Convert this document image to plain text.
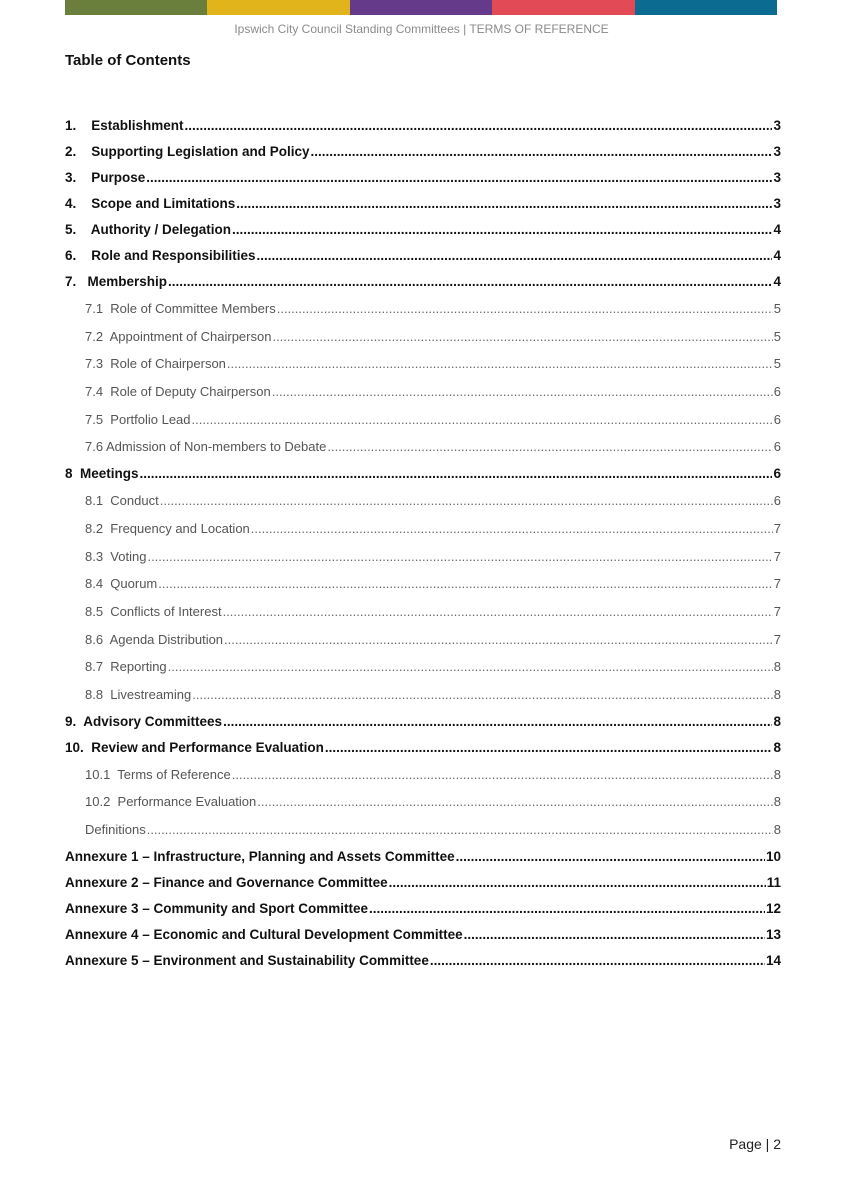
Ipswich City Council Standing Committees | TERMS OF REFERENCE
Table of Contents
1.    Establishment .....	3
2.    Supporting Legislation and Policy .....	3
3.    Purpose .....	3
4.    Scope and Limitations .....	3
5.    Authority / Delegation .....	4
6.    Role and Responsibilities .....	4
7.   Membership .....	4
7.1  Role of Committee Members .....	5
7.2  Appointment of Chairperson .....	5
7.3  Role of Chairperson .....	5
7.4  Role of Deputy Chairperson .....	6
7.5  Portfolio Lead .....	6
7.6 Admission of Non-members to Debate .....	6
8  Meetings .....	6
8.1  Conduct .....	6
8.2  Frequency and Location .....	7
8.3  Voting .....	7
8.4  Quorum .....	7
8.5  Conflicts of Interest .....	7
8.6  Agenda Distribution .....	7
8.7  Reporting .....	8
8.8  Livestreaming .....	8
9.  Advisory Committees .....	8
10.  Review and Performance Evaluation .....	8
10.1  Terms of Reference .....	8
10.2  Performance Evaluation .....	8
Definitions .....	8
Annexure 1 – Infrastructure, Planning and Assets Committee .....	10
Annexure 2 – Finance and Governance Committee .....	11
Annexure 3 – Community and Sport Committee .....	12
Annexure 4 – Economic and Cultural Development Committee .....	13
Annexure 5 – Environment and Sustainability Committee .....	14
Page | 2
